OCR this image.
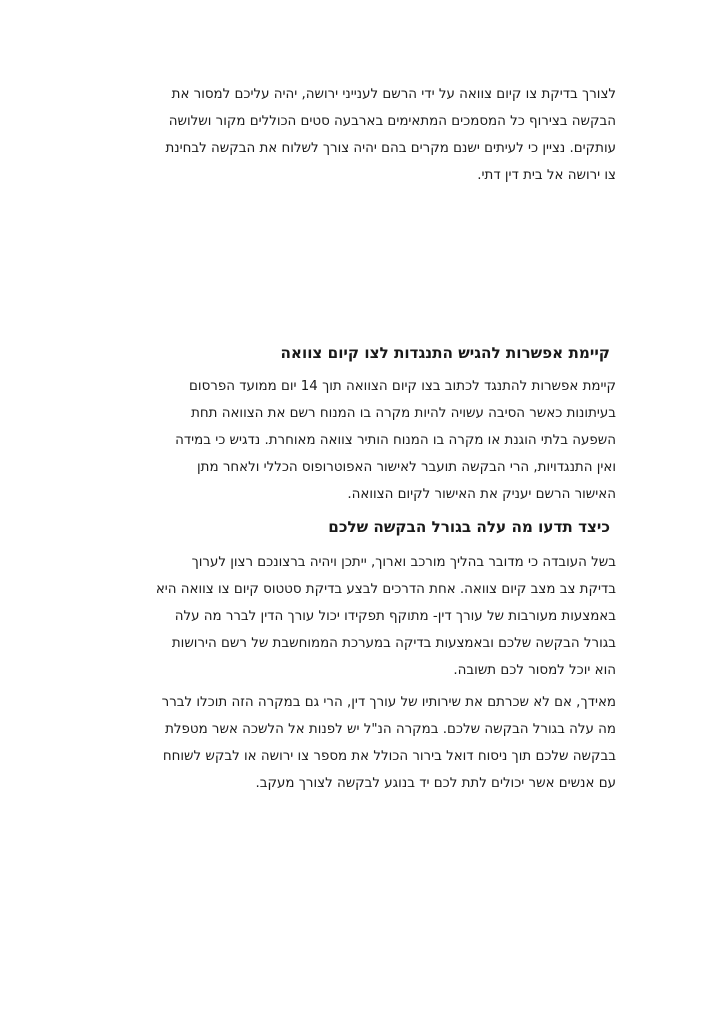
לצורך בדיקת צו קיום צוואה על ידי הרשם לענייני ירושה, יהיה עליכם למסור את
הבקשה בצירוף כל המסמכים המתאימים בארבעה סטים הכוללים מקור ושלושה
עותקים. נציין כי לעיתים ישנם מקרים בהם יהיה צורך לשלוח את הבקשה לבחינת
צו ירושה אל בית דין דתי.
קיימת אפשרות להגיש התנגדות לצו קיום צוואה
קיימת אפשרות להתנגד לכתוב בצו קיום הצוואה תוך 14 יום ממועד הפרסום
בעיתונות כאשר הסיבה עשויה להיות מקרה בו המנוח רשם את הצוואה תחת
השפעה בלתי הוגנת או מקרה בו המנוח הותיר צוואה מאוחרת. נדגיש כי במידה
ואין התנגדויות, הרי הבקשה תועבר לאישור האפוטרופוס הכללי ולאחר מתן
האישור הרשם יעניק את האישור לקיום הצוואה.
כיצד תדעו מה עלה בגורל הבקשה שלכם
בשל העובדה כי מדובר בהליך מורכב וארוך, ייתכן ויהיה ברצונכם רצון לערוך
בדיקת צב מצב קיום צוואה. אחת הדרכים לבצע בדיקת סטטוס קיום צו צוואה היא
באמצעות מעורבות של עורך דין- מתוקף תפקידו יכול עורך הדין לברר מה עלה
בגורל הבקשה שלכם ובאמצעות בדיקה במערכת הממוחשבת של רשם הירושות
הוא יוכל למסור לכם תשובה.
מאידך, אם לא שכרתם את שירותיו של עורך דין, הרי גם במקרה הזה תוכלו לברר
מה עלה בגורל הבקשה שלכם. במקרה הנ"ל יש לפנות אל הלשכה אשר מטפלת
בבקשה שלכם תוך ניסוח דואל בירור הכולל את מספר צו ירושה או לבקש לשוחח
עם אנשים אשר יכולים לתת לכם יד בנוגע לבקשה לצורך מעקב.
